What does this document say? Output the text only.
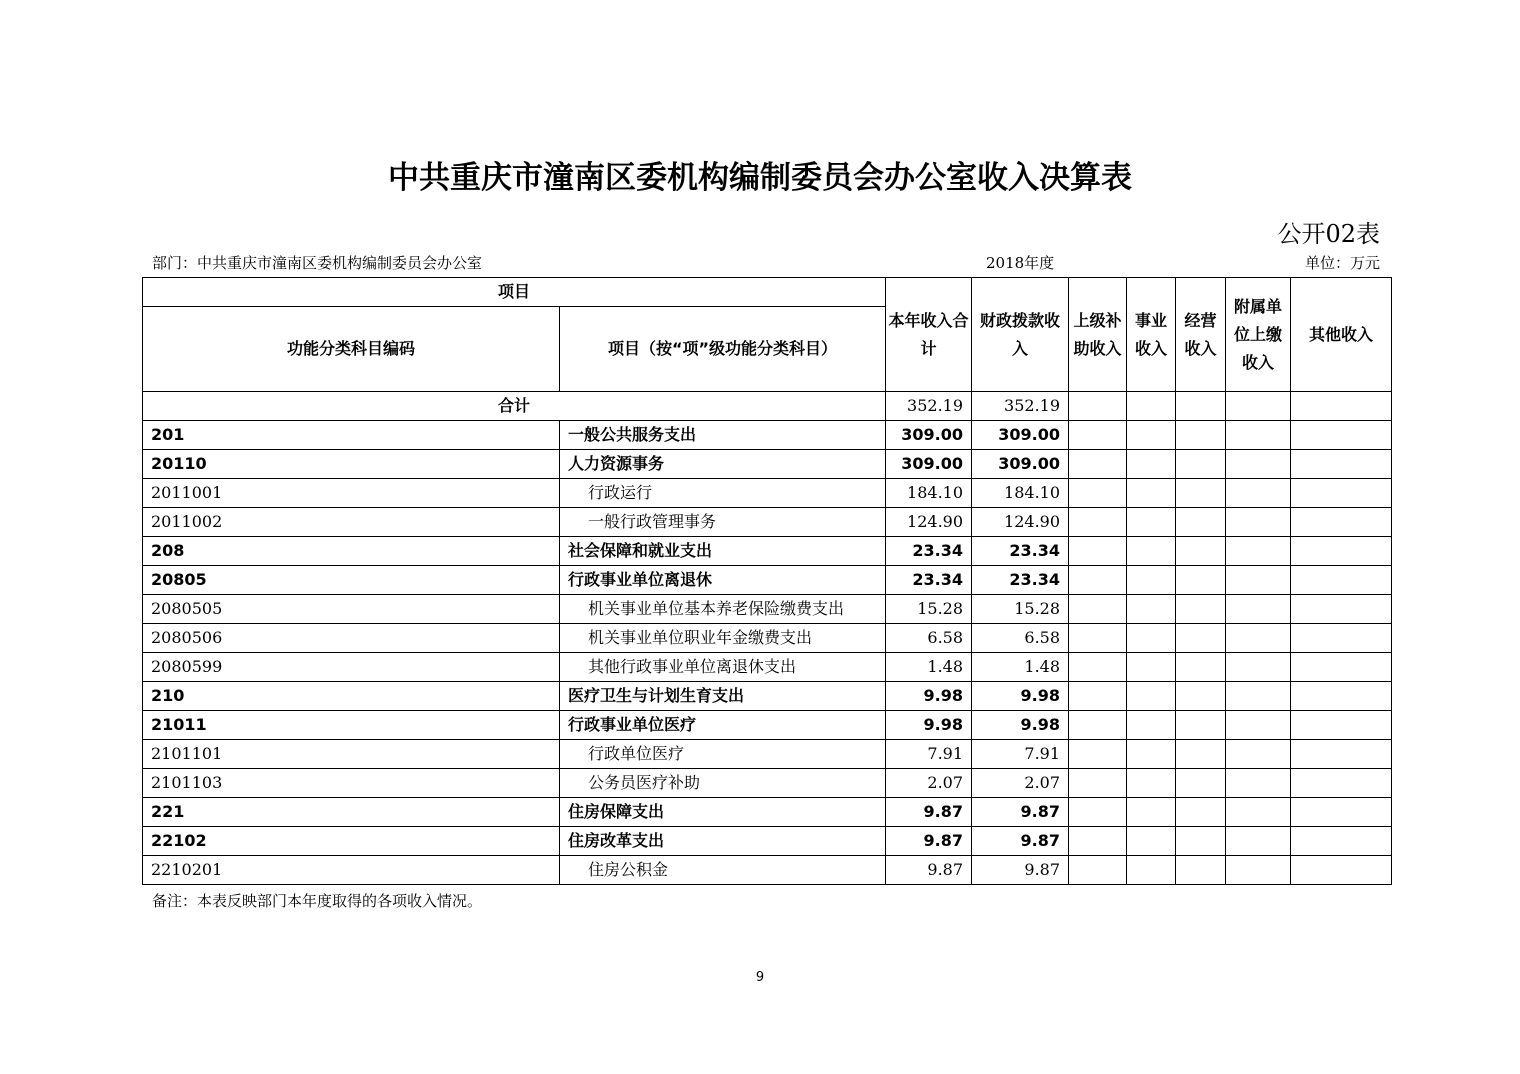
中共重庆市潼南区委机构编制委员会办公室收入决算表
公开02表
部门：中共重庆市潼南区委机构编制委员会办公室	2018年度	单位：万元
项目		本年收入合计	财政拨款收入	上级补助收入	事业收入	经营收入	附属单位上缴收入	其他收入
功能分类科目编码	项目（按“项”级功能分类科目）							
合计		352.19	352.19					
201	一般公共服务支出	309.00	309.00					
20110	人力资源事务	309.00	309.00					
2011001	行政运行	184.10	184.10					
2011002	一般行政管理事务	124.90	124.90					
208	社会保障和就业支出	23.34	23.34					
20805	行政事业单位离退休	23.34	23.34					
2080505	机关事业单位基本养老保险缴费支出	15.28	15.28					
2080506	机关事业单位职业年金缴费支出	6.58	6.58					
2080599	其他行政事业单位离退休支出	1.48	1.48					
210	医疗卫生与计划生育支出	9.98	9.98					
21011	行政事业单位医疗	9.98	9.98					
2101101	行政单位医疗	7.91	7.91					
2101103	公务员医疗补助	2.07	2.07					
221	住房保障支出	9.87	9.87					
22102	住房改革支出	9.87	9.87					
2210201	住房公积金	9.87	9.87					
备注：本表反映部门本年度取得的各项收入情况。
9
